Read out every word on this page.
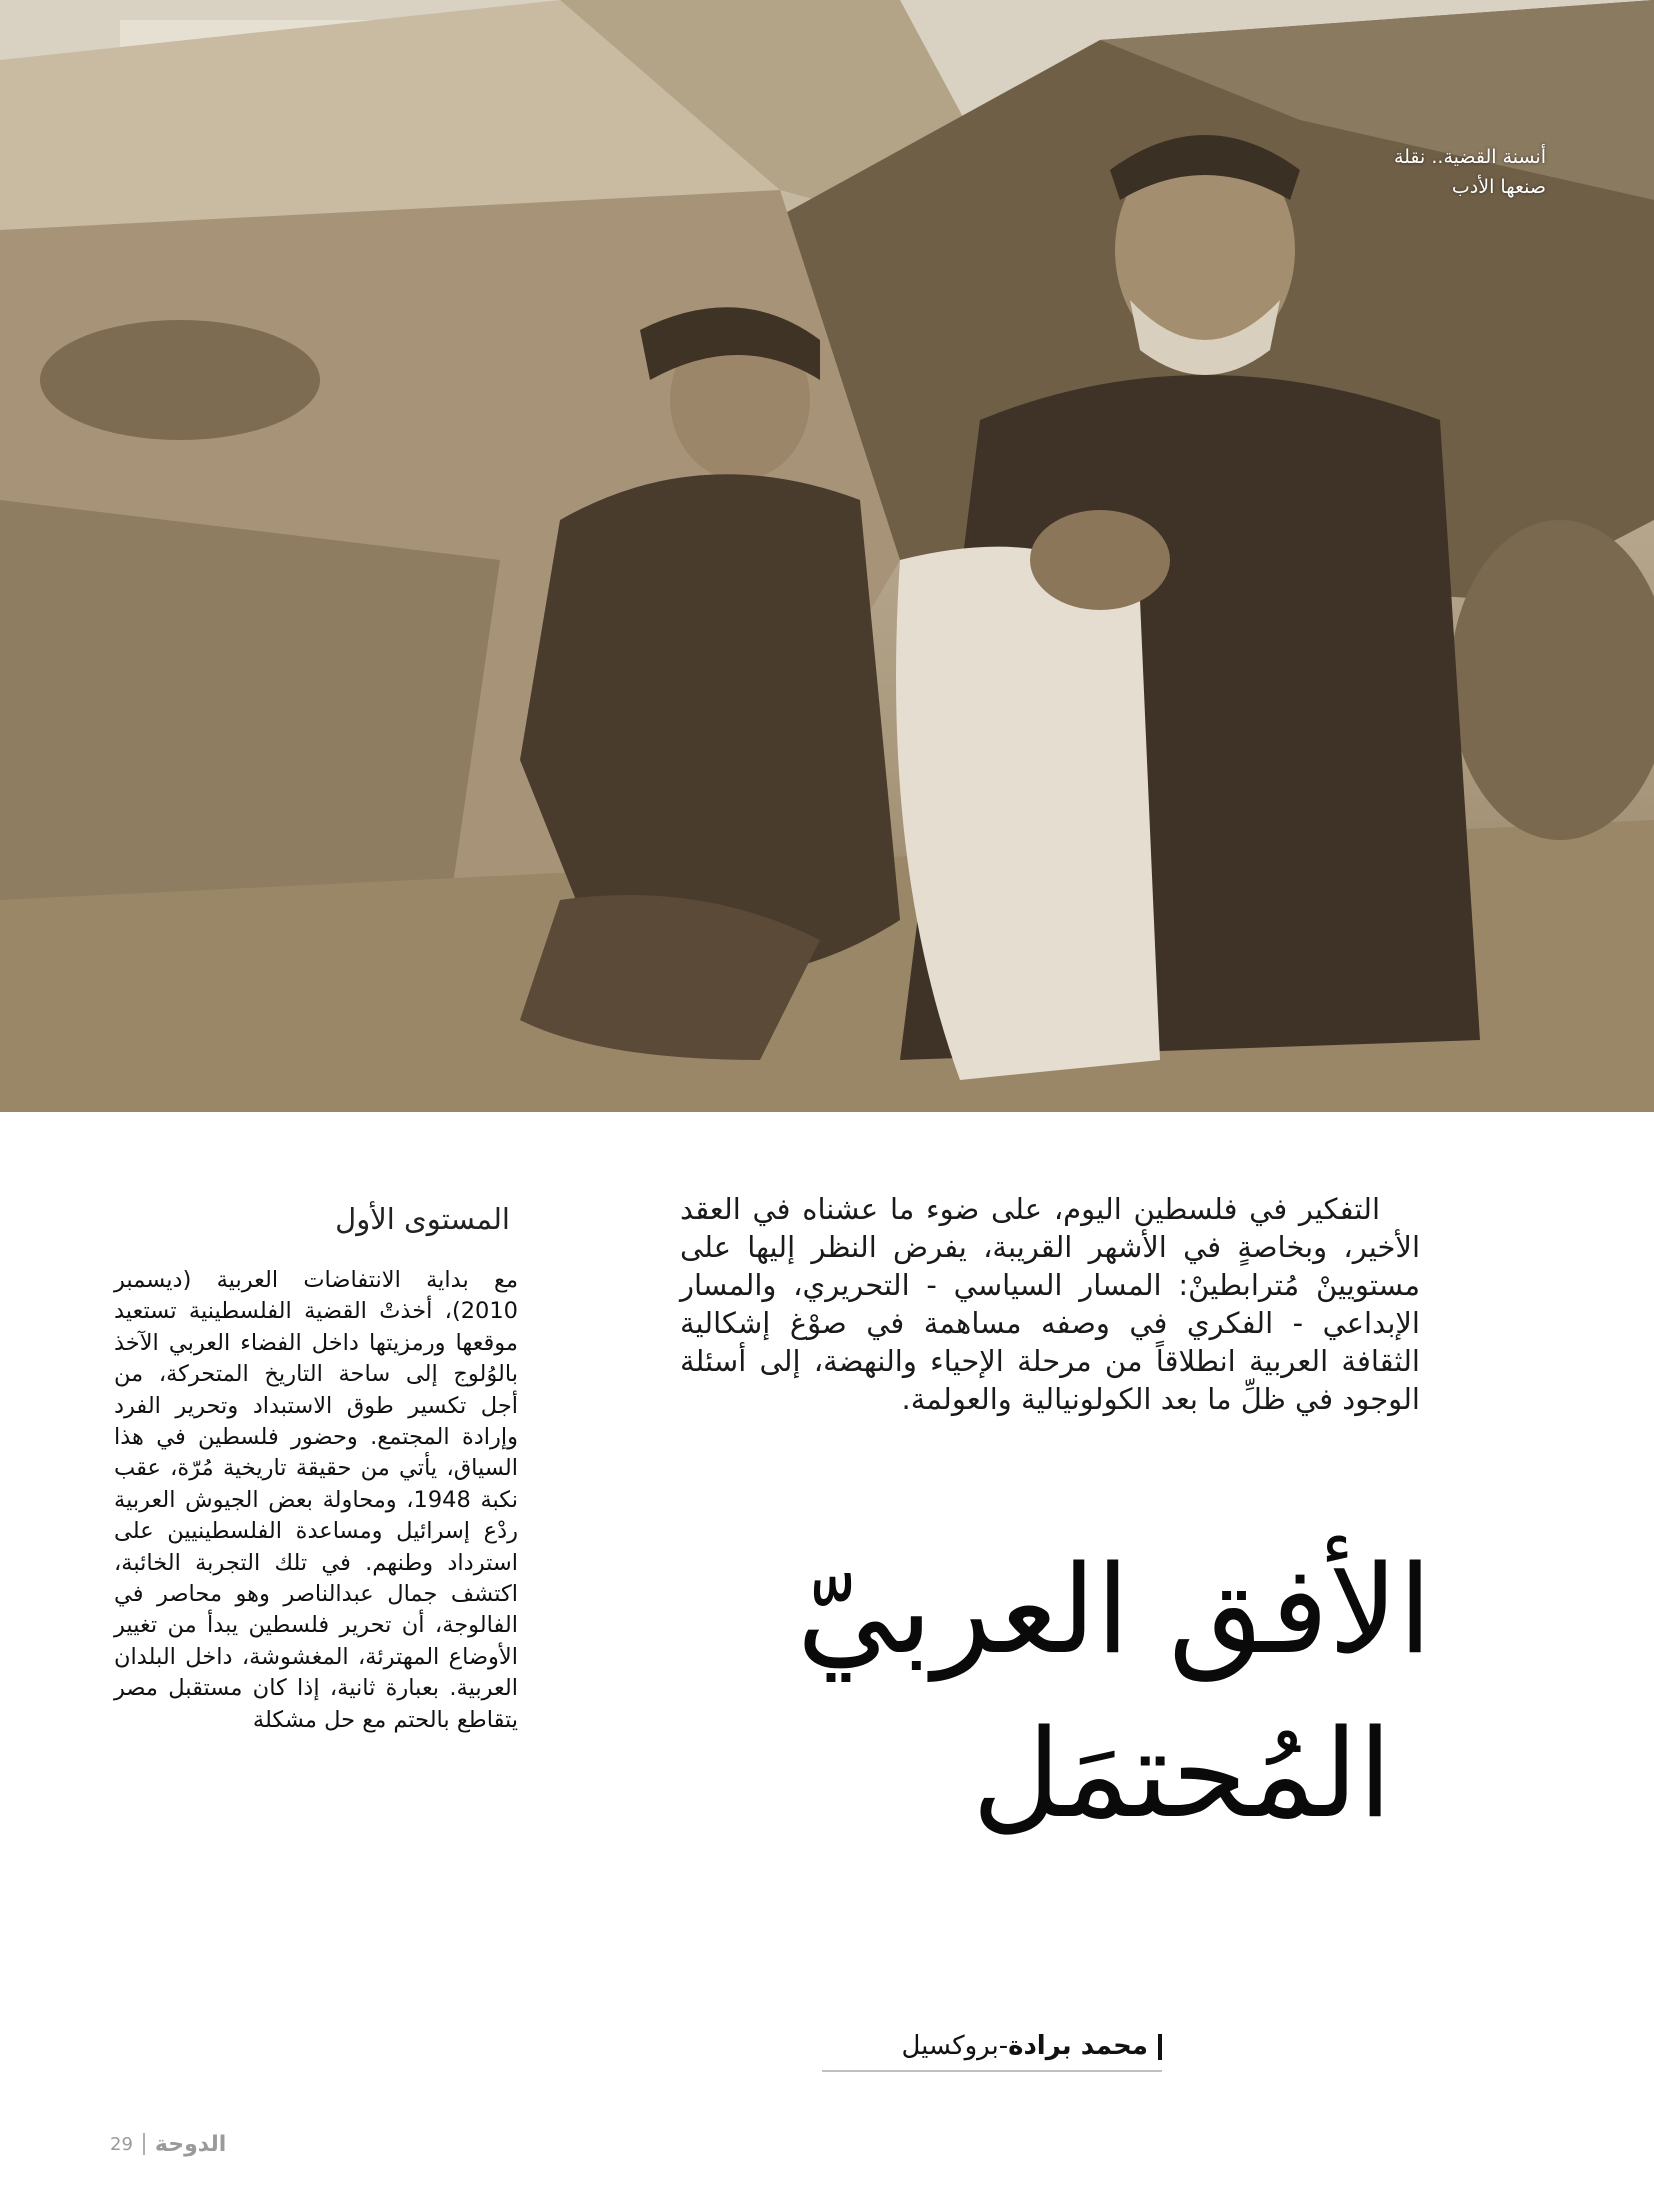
أنسنة القضية.. نقلة
صنعها الأدب

التفكير في فلسطين اليوم، على ضوء ما عشناه في العقد الأخير، وبخاصةٍ في الأشهر القريبة، يفرض النظر إليها على مستويينْ مُترابطينْ: المسار السياسي - التحريري، والمسار الإبداعي - الفكري في وصفه مساهمة في صوْغ إشكالية الثقافة العربية انطلاقاً من مرحلة الإحياء والنهضة، إلى أسئلة الوجود في ظلِّ ما بعد الكولونيالية والعولمة.

الأفق العربيّ

المُحتمَل
محمد برادة-بروكسيل
المستوى الأول

مع بداية الانتفاضات العربية (ديسمبر 2010)، أخذتْ القضية الفلسطينية تستعيد موقعها ورمزيتها داخل الفضاء العربي الآخذ بالوُلوج إلى ساحة التاريخ المتحركة، من أجل تكسير طوق الاستبداد وتحرير الفرد وإرادة المجتمع. وحضور فلسطين في هذا السياق، يأتي من حقيقة تاريخية مُرّة، عقب نكبة 1948، ومحاولة بعض الجيوش العربية ردْع إسرائيل ومساعدة الفلسطينيين على استرداد وطنهم. في تلك التجربة الخائبة، اكتشف جمال عبدالناصر وهو محاصر في الفالوجة، أن تحرير فلسطين يبدأ من تغيير الأوضاع المهترئة، المغشوشة، داخل البلدان العربية. بعبارة ثانية، إذا كان مستقبل مصر يتقاطع بالحتم مع حل مشكلة

29 الدوحة
